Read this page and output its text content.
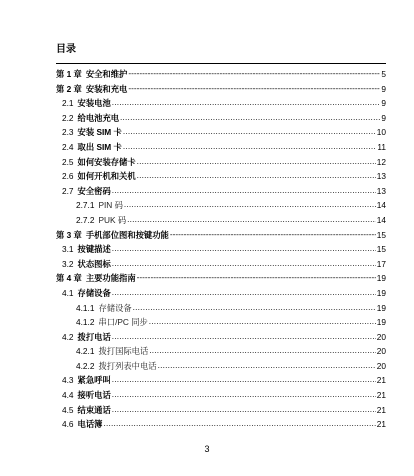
目录
第 1 章 安全和维护 -----	5
第 2 章 安装和充电 -----	9
2.1 安装电池 .....	9
2.2 给电池充电 .....	9
2.3 安装 SIM 卡 .....	10
2.4 取出 SIM 卡 .....	11
2.5 如何安装存储卡 .....	12
2.6 如何开机和关机 .....	13
2.7 安全密码 .....	13
2.7.1 PIN 码 .....	14
2.7.2 PUK 码 .....	14
第 3 章 手机部位图和按键功能 -----	15
3.1 按键描述 .....	15
3.2 状态图标 .....	17
第 4 章 主要功能指南 -----	19
4.1 存储设备 .....	19
4.1.1 存储设备 .....	19
4.1.2 串口/PC 同步 .....	19
4.2 拨打电话 .....	20
4.2.1 拨打国际电话 .....	20
4.2.2 拨打列表中电话 .....	20
4.3 紧急呼叫 .....	21
4.4 接听电话 .....	21
4.5 结束通话 .....	21
4.6 电话簿 .....	21
3
